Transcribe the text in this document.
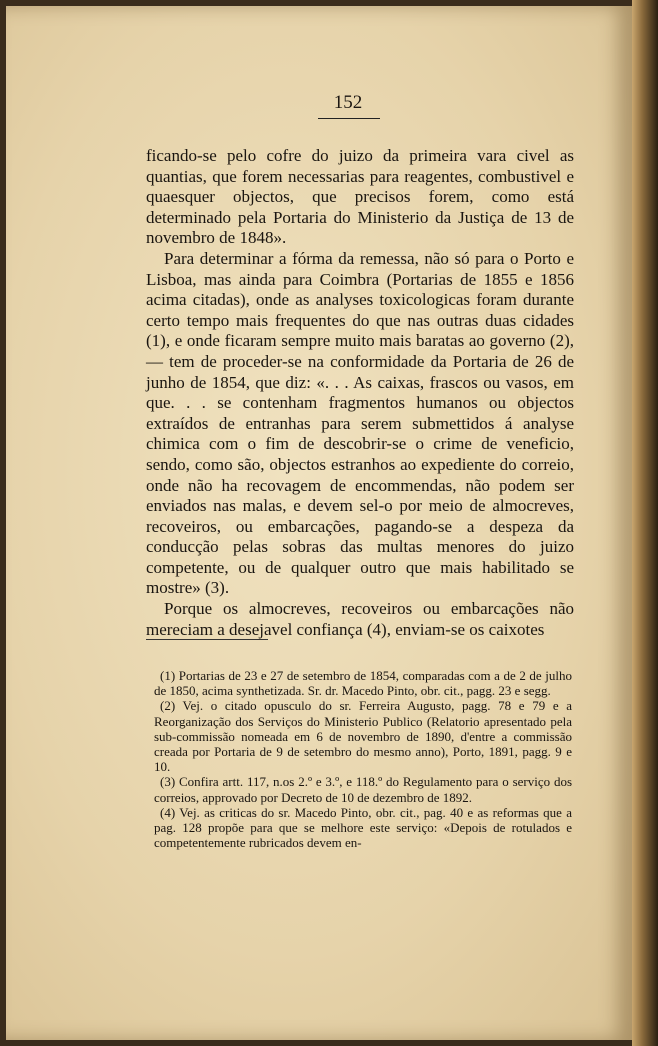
152

ficando-se pelo cofre do juizo da primeira vara civel as quantias, que forem necessarias para reagentes, combustivel e quaesquer objectos, que precisos forem, como está determinado pela Portaria do Ministerio da Justiça de 13 de novembro de 1848».

Para determinar a fórma da remessa, não só para o Porto e Lisboa, mas ainda para Coimbra (Portarias de 1855 e 1856 acima citadas), onde as analyses toxicologicas foram durante certo tempo mais frequentes do que nas outras duas cidades (1), e onde ficaram sempre muito mais baratas ao governo (2), — tem de proceder-se na conformidade da Portaria de 26 de junho de 1854, que diz: «. . . As caixas, frascos ou vasos, em que. . . se contenham fragmentos humanos ou objectos extraídos de entranhas para serem submettidos á analyse chimica com o fim de descobrir-se o crime de veneficio, sendo, como são, objectos estranhos ao expediente do correio, onde não ha recovagem de encommendas, não podem ser enviados nas malas, e devem sel-o por meio de almocreves, recoveiros, ou embarcações, pagando-se a despeza da conducção pelas sobras das multas menores do juizo competente, ou de qualquer outro que mais habilitado se mostre» (3).

Porque os almocreves, recoveiros ou embarcações não mereciam a desejavel confiança (4), enviam-se os caixotes

(1) Portarias de 23 e 27 de setembro de 1854, comparadas com a de 2 de julho de 1850, acima synthetizada. Sr. dr. Macedo Pinto, obr. cit., pagg. 23 e segg.

(2) Vej. o citado opusculo do sr. Ferreira Augusto, pagg. 78 e 79 e a Reorganização dos Serviços do Ministerio Publico (Relatorio apresentado pela sub-commissão nomeada em 6 de novembro de 1890, d'entre a commissão creada por Portaria de 9 de setembro do mesmo anno), Porto, 1891, pagg. 9 e 10.

(3) Confira artt. 117, n.os 2.º e 3.º, e 118.º do Regulamento para o serviço dos correios, approvado por Decreto de 10 de dezembro de 1892.

(4) Vej. as criticas do sr. Macedo Pinto, obr. cit., pag. 40 e as reformas que a pag. 128 propõe para que se melhore este serviço: «Depois de rotulados e competentemente rubricados devem en-
